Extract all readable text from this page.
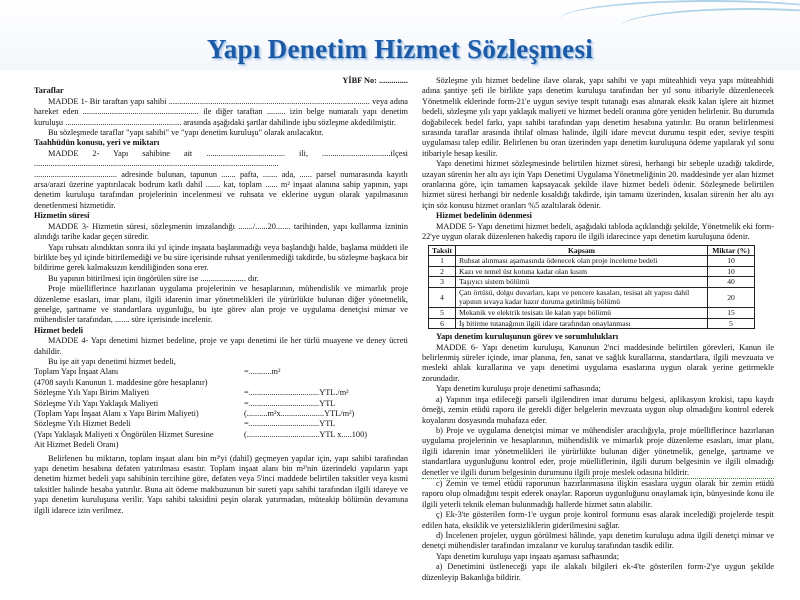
Yapı Denetim Hizmet Sözleşmesi

YİBF No: ..............

Taraflar

MADDE 1- Bir taraftan yapı sahibi ................................................................................................. veya adına hareket eden ........................................................ ile diğer taraftan ......... izin belge numaralı yapı denetim kuruluşu ........................................................ arasında aşağıdaki şartlar dahilinde işbu sözleşme akdedilmiştir.

Bu sözleşmede taraflar "yapı sahibi" ve "yapı denetim kuruluşu" olarak anılacaktır.

Taahhüdün konusu, yeri ve miktarı

MADDE 2- Yapı sahibine ait ...................................... ili, .................................ilçesi ......................................................................................................................

........................................ adresinde bulunan, tapunun ....... pafta, ....... ada, ...... parsel numarasında kayıtlı arsa/arazi üzerine yaptırılacak bodrum katlı dahil ....... kat, toplam ...... m² inşaat alanına sahip yapının, yapı denetim kuruluşu tarafından projelerinin incelenmesi ve ruhsata ve eklerine uygun olarak yapılmasının denetlenmesi hizmetidir.

Hizmetin süresi

MADDE 3- Hizmetin süresi, sözleşmenin imzalandığı ......./......20....... tarihinden, yapı kullanma izninin alındığı tarihe kadar geçen süredir.

Yapı ruhsatı alındıktan sonra iki yıl içinde inşaata başlanmadığı veya başlandığı halde, başlama müddeti ile birlikte beş yıl içinde bitirilemediği ve bu süre içerisinde ruhsat yenilenmediği takdirde, bu sözleşme başkaca bir bildirime gerek kalmaksızın kendiliğinden sona erer.

Bu yapının bitirilmesi için öngörülen süre ise ...................... dır.

Proje müelliflerince hazırlanan uygulama projelerinin ve hesaplarının, mühendislik ve mimarlık proje düzenleme esasları, imar planı, ilgili idarenin imar yönetmelikleri ile yürürlükte bulunan diğer yönetmelik, genelge, şartname ve standartlara uygunluğu, bu işte görev alan proje ve uygulama denetçisi mimar ve mühendisler tarafından, ....... süre içerisinde incelenir.

Hizmet bedeli

MADDE 4- Yapı denetimi hizmet bedeline, proje ve yapı denetimi ile her türlü muayene ve deney ücreti dahildir.

Bu işe ait yapı denetimi hizmet bedeli,

Toplam Yapı İnşaat Alanı	=...........m²
(4708 sayılı Kanunun 1. maddesine göre hesaplanır)
Sözleşme Yılı Yapı Birim Maliyeti	=..................................YTL./m²
Sözleşme Yılı Yapı Yaklaşık Maliyeti	=..................................YTL
(Toplam Yapı İnşaat Alanı x Yapı Birim Maliyeti)	(..........m²x.....................YTL/m²)
Sözleşme Yılı Hizmet Bedeli	=..................................YTL
(Yapı Yaklaşık Maliyeti x Öngörülen Hizmet Suresine	(...................................YTL x.....100)
Ait Hizmet Bedeli Oranı)

Belirlenen bu miktarın, toplam inşaat alanı bin m²'yi (dahil) geçmeyen yapılar için, yapı sahibi tarafından yapı denetim hesabına defaten yatırılması esastır. Toplam inşaat alanı bin m²'nin üzerindeki yapıların yapı denetim hizmet bedeli yapı sahibinin tercihine göre, defaten veya 5'inci maddede belirtilen taksitler veya kısmi taksitler halinde hesaba yatırılır. Buna ait ödeme makbuzunun bir sureti yapı sahibi tarafından ilgili idareye ve yapı denetim kuruluşuna verilir. Yapı sahibi taksidini peşin olarak yatırmadan, müteakip bölümün devamına ilgili idarece izin verilmez.

Sözleşme yılı hizmet bedeline ilave olarak, yapı sahibi ve yapı müteahhidi veya yapı müteahhidi adına şantiye şefi ile birlikte yapı denetim kuruluşu tarafından her yıl sonu itibariyle düzenlenecek Yönetmelik eklerinde form-21'e uygun seviye tespit tutanağı esas alınarak eksik kalan işlere ait hizmet bedeli, sözleşme yılı yapı yaklaşık maliyeti ve hizmet bedeli oranına göre yeniden belirlenir. Bu durumda doğabilecek bedel farkı, yapı sahibi tarafından yapı denetim hesabına yatırılır. Bu oranın belirlenmesi sırasında taraflar arasında ihtilaf olması halinde, ilgili idare mevcut durumu tespit eder, seviye tespiti uygulaması talep edilir. Belirlenen bu oran üzerinden yapı denetim kuruluşuna ödeme yapılarak yıl sonu itibariyle hesap kesilir.

Yapı denetimi hizmet sözleşmesinde belirtilen hizmet süresi, herhangi bir sebeple uzadığı takdirde, uzayan sürenin her altı ayı için Yapı Denetimi Uygulama Yönetmeliğinin 20. maddesinde yer alan hizmet oranlarına göre, için tamamen kapsayacak şekilde ilave hizmet bedeli ödenir. Sözleşmede belirtilen hizmet süresi herhangi bir nedenle kısaldığı takdirde, işin tamamı üzerinden, kısalan sürenin her altı ayı için söz konusu hizmet oranları %5 azaltılarak ödenir.

Hizmet bedelinin ödenmesi

MADDE 5- Yapı denetimi hizmet bedeli, aşağıdaki tabloda açıklandığı şekilde, Yönetmelik eki form-22'ye uygun olarak düzenlenen hakediş raporu ile ilgili idarecince yapı denetim kuruluşuna ödenir.

Taksit	Kapsam	Miktar (%)
1	Ruhsat alınması aşamasında ödenecek olan proje inceleme bedeli	10
2	Kazı ve temel üst kotuna kadar olan kısım	10
3	Taşıyıcı sistem bölümü	40
4	Çatı örtüsü, dolgu duvarları, kapı ve pencere kasaları, tesisat alt yapısı dahil yapının sıvaya kadar hazır duruma getirilmiş bölümü	20
5	Mekanik ve elektrik tesisatı ile kalan yapı bölümü	15
6	İş bitirme tutanağının ilgili idare tarafından onaylanması	5

Yapı denetim kuruluşunun görev ve sorumlulukları

MADDE 6- Yapı denetim kuruluşu, Kanunun 2'nci maddesinde belirtilen görevleri, Kanun ile belirlenmiş süreler içinde, imar planına, fen, sanat ve sağlık kurallarına, standartlara, ilgili mevzuata ve mesleki ahlak kurallarına ve yapı denetimi uygulama esaslarına uygun olarak yerine getirmekle zorundadır.

Yapı denetim kuruluşu proje denetimi safhasında;

a) Yapının inşa edileceği parseli ilgilendiren imar durumu belgesi, aplikasyon krokisi, tapu kaydı örneği, zemin etüdü raporu ile gerekli diğer belgelerin mevzuata uygun olup olmadığını kontrol ederek koyalarını dosyasında muhafaza eder.

b) Proje ve uygulama denetçisi mimar ve mühendisler aracılığıyla, proje müelliflerince hazırlanan uygulama projelerinin ve hesaplarının, mühendislik ve mimarlık proje düzenleme esasları, imar planı, ilgili idarenin imar yönetmelikleri ile yürürlükte bulunan diğer yönetmelik, genelge, şartname ve standartlara uygunluğunu kontrol eder, proje müelliflerinin, ilgili durum belgesinin ve ilgili olmadığı denetler ve ilgili durum belgesinin durumunu ilgili proje meslek odasına bildirir.

c) Zemin ve temel etüdü raporunun hazırlanmasına ilişkin esaslara uygun olarak bir zemin etüdü raporu olup olmadığını tespit ederek onaylar. Raporun uygunluğunu onaylamak için, bünyesinde konu ile ilgili yeterli teknik eleman bulunmadığı hallerde hizmet satın alabilir.

ç) Ek-3'te gösterilen form-1'e uygun proje kontrol formunu esas alarak incelediği projelerde tespit edilen hata, eksiklik ve yetersizliklerin giderilmesini sağlar.

d) İncelenen projeler, uygun görülmesi hâlinde, yapı denetim kuruluşu adına ilgili denetçi mimar ve denetçi mühendisler tarafından imzalanır ve kuruluş tarafından tasdik edilir.

Yapı denetim kuruluşu yapı inşaatı aşaması safhasında;

a) Denetimini üstleneceği yapı ile alakalı bilgileri ek-4'te gösterilen form-2'ye uygun şekilde düzenleyip Bakanlığa bildirir.
